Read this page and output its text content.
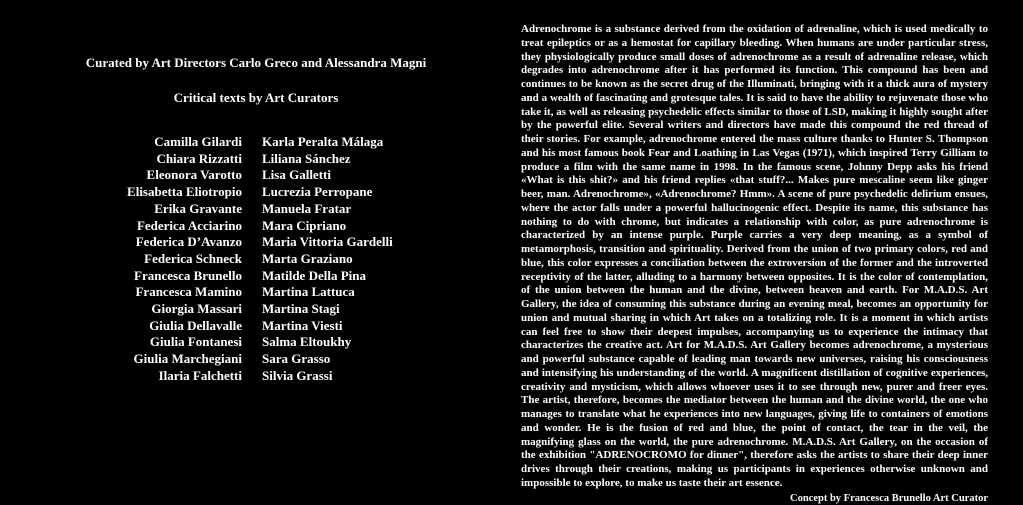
Curated by Art Directors Carlo Greco and Alessandra Magni
Critical texts by Art Curators
Camilla Gilardi Karla Peralta Málaga
Chiara Rizzatti Liliana Sánchez
Eleonora Varotto Lisa Galletti
Elisabetta Eliotropio Lucrezia Perropane
Erika Gravante Manuela Fratar
Federica Acciarino Mara Cipriano
Federica D’Avanzo Maria Vittoria Gardelli
Federica Schneck Marta Graziano
Francesca Brunello Matilde Della Pina
Francesca Mamino Martina Lattuca
Giorgia Massari Martina Stagi
Giulia Dellavalle Martina Viesti
Giulia Fontanesi Salma Eltoukhy
Giulia Marchegiani Sara Grasso
Ilaria Falchetti Silvia Grassi

Adrenochrome is a substance derived from the oxidation of adrenaline, which is used medically to treat epileptics or as a hemostat for capillary bleeding. When humans are under particular stress, they physiologically produce small doses of adrenochrome as a result of adrenaline release, which degrades into adrenochrome after it has performed its function. This compound has been and continues to be known as the secret drug of the Illuminati, bringing with it a thick aura of mystery and a wealth of fascinating and grotesque tales. It is said to have the ability to rejuvenate those who take it, as well as releasing psychedelic effects similar to those of LSD, making it highly sought after by the powerful elite. Several writers and directors have made this compound the red thread of their stories. For example, adrenochrome entered the mass culture thanks to Hunter S. Thompson and his most famous book Fear and Loathing in Las Vegas (1971), which inspired Terry Gilliam to produce a film with the same name in 1998. In the famous scene, Johnny Depp asks his friend «What is this shit?» and his friend replies «that stuff?... Makes pure mescaline seem like ginger beer, man. Adrenochrome», «Adrenochrome? Hmm». A scene of pure psychedelic delirium ensues, where the actor falls under a powerful hallucinogenic effect. Despite its name, this substance has nothing to do with chrome, but indicates a relationship with color, as pure adrenochrome is characterized by an intense purple. Purple carries a very deep meaning, as a symbol of metamorphosis, transition and spirituality. Derived from the union of two primary colors, red and blue, this color expresses a conciliation between the extroversion of the former and the introverted receptivity of the latter, alluding to a harmony between opposites. It is the color of contemplation, of the union between the human and the divine, between heaven and earth. For M.A.D.S. Art Gallery, the idea of consuming this substance during an evening meal, becomes an opportunity for union and mutual sharing in which Art takes on a totalizing role. It is a moment in which artists can feel free to show their deepest impulses, accompanying us to experience the intimacy that characterizes the creative act. Art for M.A.D.S. Art Gallery becomes adrenochrome, a mysterious and powerful substance capable of leading man towards new universes, raising his consciousness and intensifying his understanding of the world. A magnificent distillation of cognitive experiences, creativity and mysticism, which allows whoever uses it to see through new, purer and freer eyes. The artist, therefore, becomes the mediator between the human and the divine world, the one who manages to translate what he experiences into new languages, giving life to containers of emotions and wonder. He is the fusion of red and blue, the point of contact, the tear in the veil, the magnifying glass on the world, the pure adrenochrome. M.A.D.S. Art Gallery, on the occasion of the exhibition "ADRENOCROMO for dinner", therefore asks the artists to share their deep inner drives through their creations, making us participants in experiences otherwise unknown and impossible to explore, to make us taste their art essence.

Concept by Francesca Brunello Art Curator
